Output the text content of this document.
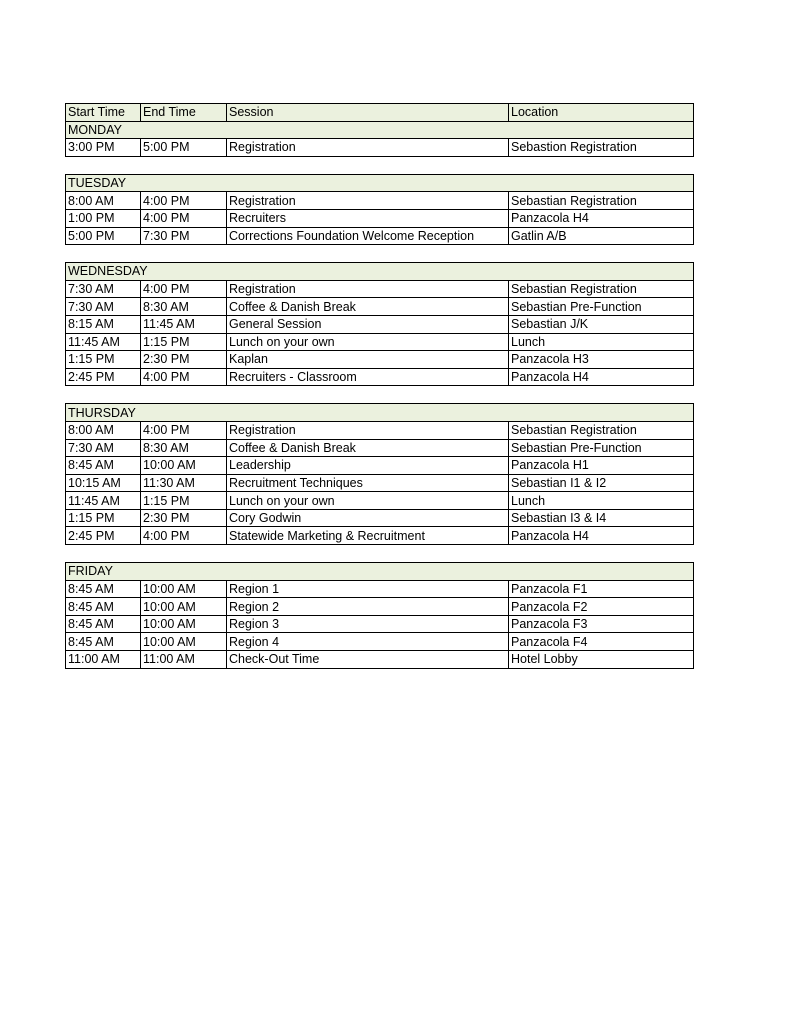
Start Time	End Time	Session	Location
MONDAY			
3:00 PM	5:00 PM	Registration	Sebastion Registration
TUESDAY			
8:00 AM	4:00 PM	Registration	Sebastian Registration
1:00 PM	4:00 PM	Recruiters	Panzacola H4
5:00 PM	7:30 PM	Corrections Foundation Welcome Reception	Gatlin A/B
WEDNESDAY			
7:30 AM	4:00 PM	Registration	Sebastian Registration
7:30 AM	8:30 AM	Coffee & Danish Break	Sebastian Pre-Function
8:15 AM	11:45 AM	General Session	Sebastian J/K
11:45 AM	1:15 PM	Lunch on your own	Lunch
1:15 PM	2:30 PM	Kaplan	Panzacola H3
2:45 PM	4:00 PM	Recruiters - Classroom	Panzacola H4
THURSDAY			
8:00 AM	4:00 PM	Registration	Sebastian Registration
7:30 AM	8:30 AM	Coffee & Danish Break	Sebastian Pre-Function
8:45 AM	10:00 AM	Leadership	Panzacola H1
10:15 AM	11:30 AM	Recruitment Techniques	Sebastian I1 & I2
11:45 AM	1:15 PM	Lunch on your own	Lunch
1:15 PM	2:30 PM	Cory Godwin	Sebastian I3 & I4
2:45 PM	4:00 PM	Statewide Marketing & Recruitment	Panzacola H4
FRIDAY			
8:45 AM	10:00 AM	Region 1	Panzacola F1
8:45 AM	10:00 AM	Region 2	Panzacola F2
8:45 AM	10:00 AM	Region 3	Panzacola F3
8:45 AM	10:00 AM	Region 4	Panzacola F4
11:00 AM	11:00 AM	Check-Out Time	Hotel Lobby
